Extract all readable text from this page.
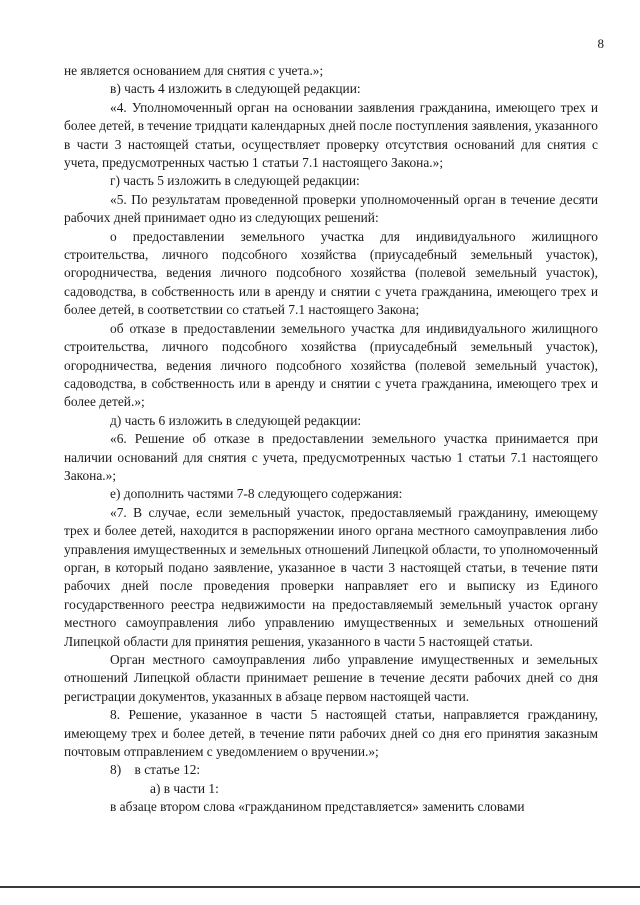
8

не является основанием для снятия с учета.»;

в) часть 4 изложить в следующей редакции:

«4. Уполномоченный орган на основании заявления гражданина, имеющего трех и более детей, в течение тридцати календарных дней после поступления заявления, указанного в части 3 настоящей статьи, осуществляет проверку отсутствия оснований для снятия с учета, предусмотренных частью 1 статьи 7.1 настоящего Закона.»;

г) часть 5 изложить в следующей редакции:

«5. По результатам проведенной проверки уполномоченный орган в течение десяти рабочих дней принимает одно из следующих решений:

о предоставлении земельного участка для индивидуального жилищного строительства, личного подсобного хозяйства (приусадебный земельный участок), огородничества, ведения личного подсобного хозяйства (полевой земельный участок), садоводства, в собственность или в аренду и снятии с учета гражданина, имеющего трех и более детей, в соответствии со статьей 7.1 настоящего Закона;

об отказе в предоставлении земельного участка для индивидуального жилищного строительства, личного подсобного хозяйства (приусадебный земельный участок), огородничества, ведения личного подсобного хозяйства (полевой земельный участок), садоводства, в собственность или в аренду и снятии с учета гражданина, имеющего трех и более детей.»;

д) часть 6 изложить в следующей редакции:

«6. Решение об отказе в предоставлении земельного участка принимается при наличии оснований для снятия с учета, предусмотренных частью 1 статьи 7.1 настоящего Закона.»;

е) дополнить частями 7-8 следующего содержания:

«7. В случае, если земельный участок, предоставляемый гражданину, имеющему трех и более детей, находится в распоряжении иного органа местного самоуправления либо управления имущественных и земельных отношений Липецкой области, то уполномоченный орган, в который подано заявление, указанное в части 3 настоящей статьи, в течение пяти рабочих дней после проведения проверки направляет его и выписку из Единого государственного реестра недвижимости на предоставляемый земельный участок органу местного самоуправления либо управлению имущественных и земельных отношений Липецкой области для принятия решения, указанного в части 5 настоящей статьи.

Орган местного самоуправления либо управление имущественных и земельных отношений Липецкой области принимает решение в течение десяти рабочих дней со дня регистрации документов, указанных в абзаце первом настоящей части.

8. Решение, указанное в части 5 настоящей статьи, направляется гражданину, имеющему трех и более детей, в течение пяти рабочих дней со дня его принятия заказным почтовым отправлением с уведомлением о вручении.»;

8)    в статье 12:

а) в части 1:

в абзаце втором слова «гражданином представляется» заменить словами
